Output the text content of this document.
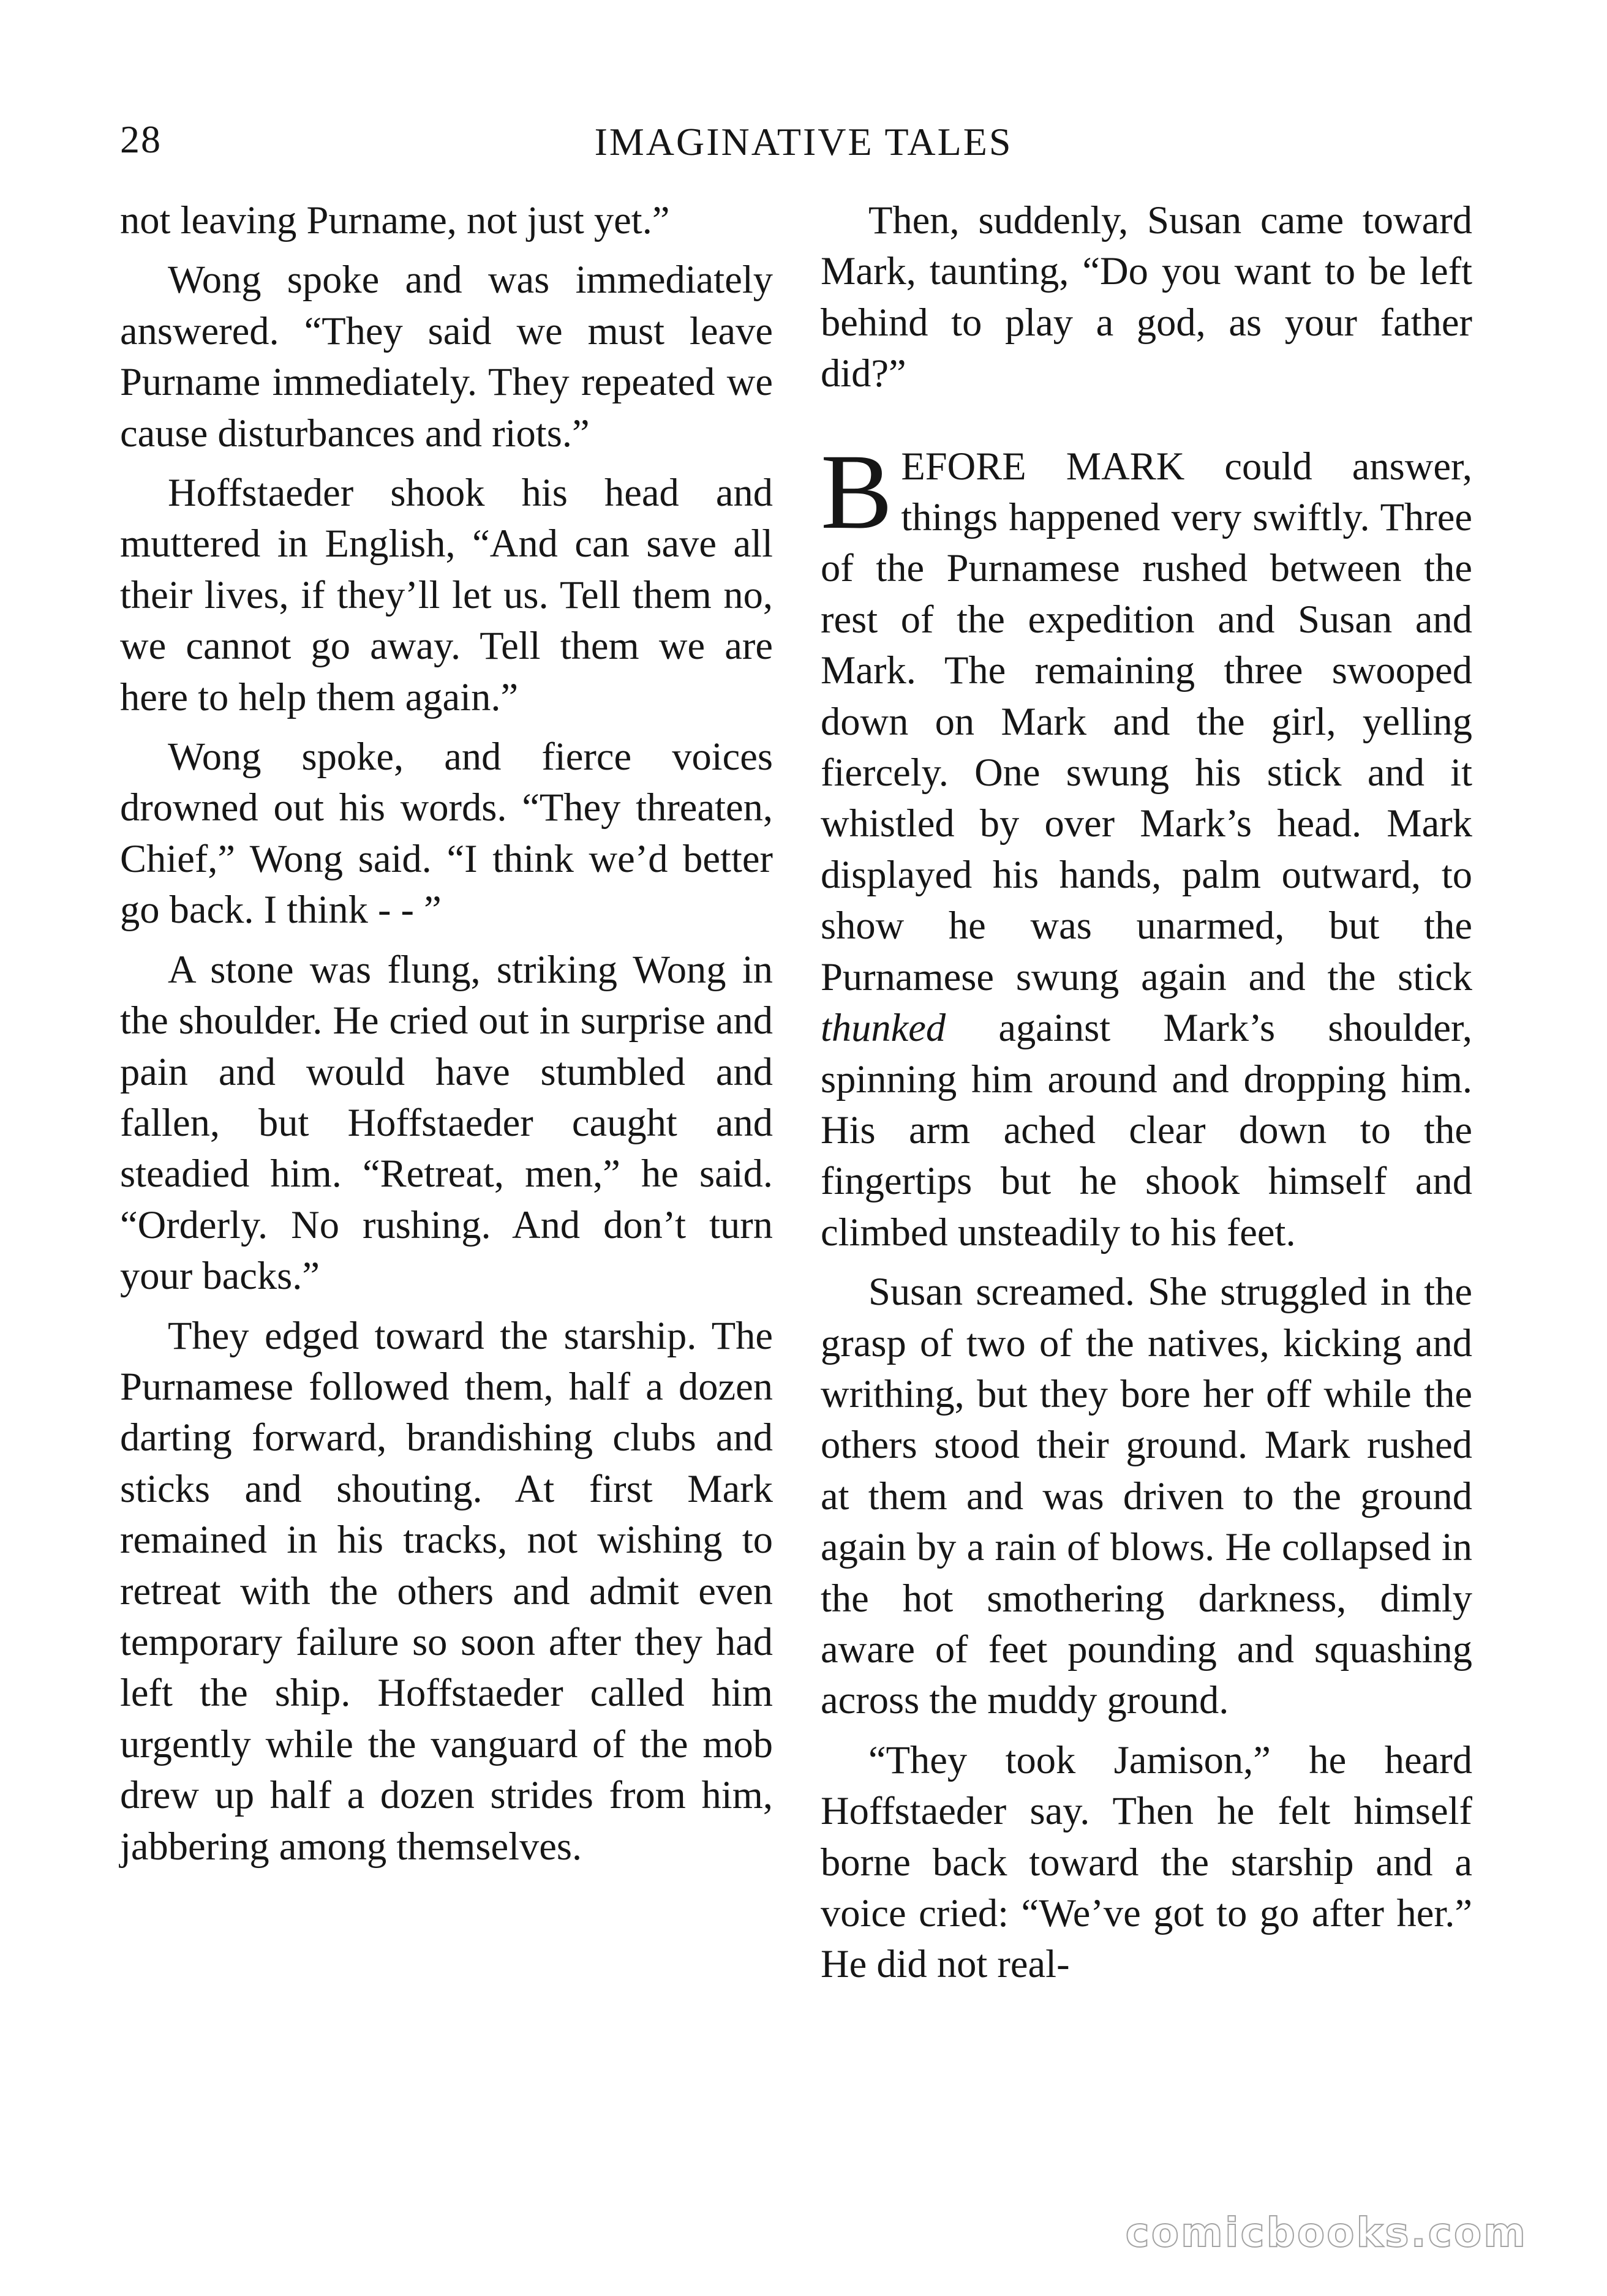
28	IMAGINATIVE TALES

not leaving Purname, not just yet.”

Wong spoke and was immediately answered. “They said we must leave Purname immediately. They repeated we cause disturbances and riots.”

Hoffstaeder shook his head and muttered in English, “And can save all their lives, if they’ll let us. Tell them no, we cannot go away. Tell them we are here to help them again.”

Wong spoke, and fierce voices drowned out his words. “They threaten, Chief,” Wong said. “I think we’d better go back. I think - - ”

A stone was flung, striking Wong in the shoulder. He cried out in surprise and pain and would have stumbled and fallen, but Hoffstaeder caught and steadied him. “Retreat, men,” he said. “Orderly. No rushing. And don’t turn your backs.”

They edged toward the starship. The Purnamese followed them, half a dozen darting forward, brandishing clubs and sticks and shouting. At first Mark remained in his tracks, not wishing to retreat with the others and admit even temporary failure so soon after they had left the ship. Hoffstaeder called him urgently while the vanguard of the mob drew up half a dozen strides from him, jabbering among themselves.

Then, suddenly, Susan came toward Mark, taunting, “Do you want to be left behind to play a god, as your father did?”

BEFORE MARK could answer, things happened very swiftly. Three of the Purnamese rushed between the rest of the expedition and Susan and Mark. The remaining three swooped down on Mark and the girl, yelling fiercely. One swung his stick and it whistled by over Mark’s head. Mark displayed his hands, palm outward, to show he was unarmed, but the Purnamese swung again and the stick thunked against Mark’s shoulder, spinning him around and dropping him. His arm ached clear down to the fingertips but he shook himself and climbed unsteadily to his feet.

Susan screamed. She struggled in the grasp of two of the natives, kicking and writhing, but they bore her off while the others stood their ground. Mark rushed at them and was driven to the ground again by a rain of blows. He collapsed in the hot smothering darkness, dimly aware of feet pounding and squashing across the muddy ground.

“They took Jamison,” he heard Hoffstaeder say. Then he felt himself borne back toward the starship and a voice cried: “We’ve got to go after her.” He did not real-

comicbooks.com
